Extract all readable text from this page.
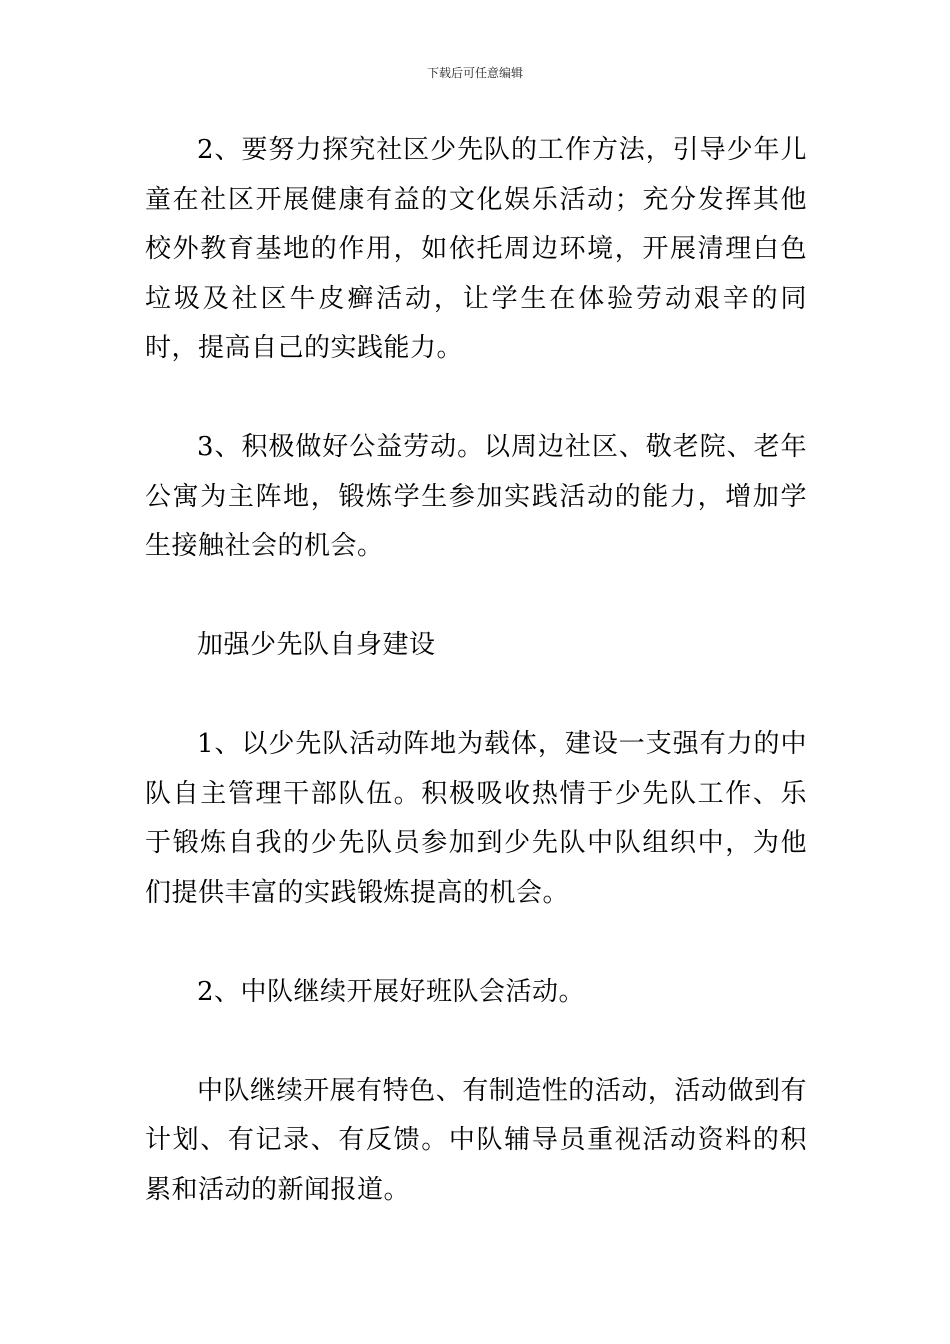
下载后可任意编辑

2、要努力探究社区少先队的工作方法，引导少年儿童在社区开展健康有益的文化娱乐活动；充分发挥其他校外教育基地的作用，如依托周边环境，开展清理白色垃圾及社区牛皮癣活动，让学生在体验劳动艰辛的同时，提高自己的实践能力。

3、积极做好公益劳动。以周边社区、敬老院、老年公寓为主阵地，锻炼学生参加实践活动的能力，增加学生接触社会的机会。

加强少先队自身建设

1、以少先队活动阵地为载体，建设一支强有力的中队自主管理干部队伍。积极吸收热情于少先队工作、乐于锻炼自我的少先队员参加到少先队中队组织中，为他们提供丰富的实践锻炼提高的机会。

2、中队继续开展好班队会活动。

中队继续开展有特色、有制造性的活动，活动做到有计划、有记录、有反馈。中队辅导员重视活动资料的积累和活动的新闻报道。
